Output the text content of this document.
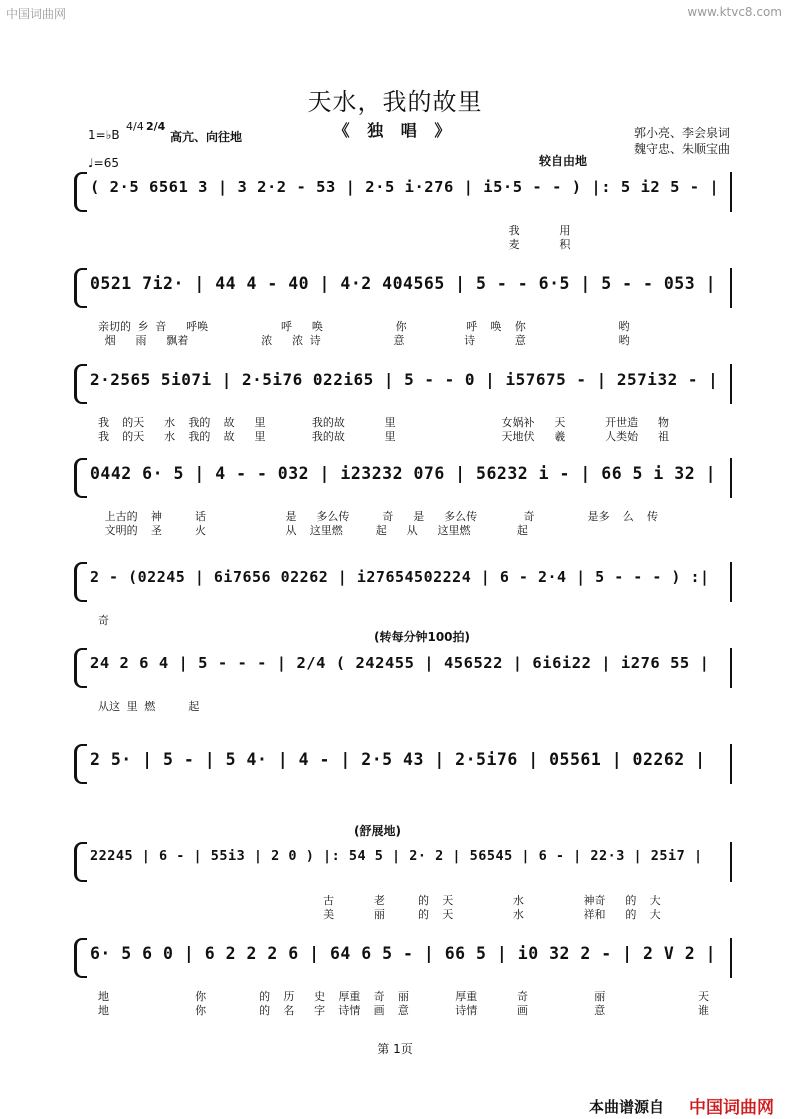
中国词曲网	www.ktvc8.com
天水，我的故里
《 独 唱 》
1=♭B
4/4 2/4
高亢、向往地
♩=65
郭小亮、李会泉词
魏守忠、朱顺宝曲
较自由地
( 2·5 6561 3 | 3 2·2 - 53 | 2·5 i·276 | i5·5 - - ) |: 5 i2 5 - |
我      用
麦      积
0521 7i2· | 44 4 - 40 | 4·2 404565 | 5 - - 6·5 | 5 - - 053 |
亲切的 乡 音   呼唤           呼   唤           你         呼  唤  你              哟
烟   雨   飘着           浓   浓 诗           意         诗      意              哟
2·2565 5i07i | 2·5i76 022i65 | 5 - - 0 | i57675 - | 257i32 - |
我  的天   水  我的  故   里       我的故      里                女娲补   天      开世造   物
我  的天   水  我的  故   里       我的故      里                天地伏   羲      人类始   祖
0442 6· 5 | 4 - - 032 | i23232 076 | 56232 i - | 66 5 i 32 |
上古的  神     话            是   多么传     奇   是   多么传       奇        是多  么  传
文明的  圣     火            从  这里燃     起   从   这里燃       起
2 - (02245 | 6i7656 02262 | i27654502224 | 6 - 2·4 | 5 - - - ) :|
奇
(转每分钟100拍)
24 2 6 4 | 5 - - - | 2/4 ( 242455 | 456522 | 6i6i22 | i276 55 |
从这 里 燃     起
2 5· | 5 - | 5 4· | 4 - | 2·5 43 | 2·5i76 | 05561 | 02262 |
(舒展地)
22245 | 6 - | 55i3 | 2 0 ) |: 54 5 | 2· 2 | 56545 | 6 - | 22·3 | 25i7 |
古      老     的  天         水         神奇   的  大
美      丽     的  天         水         祥和   的  大
6· 5 6 0 | 6 2 2 2 6 | 64 6 5 - | 66 5 | i0 32 2 - | 2 V 2 |
地             你        的  历   史  厚重  奇  丽       厚重      奇          丽              天
地             你        的  名   字  诗情  画  意       诗情      画          意              谁
第 1页
本曲谱源自 中国词曲网
